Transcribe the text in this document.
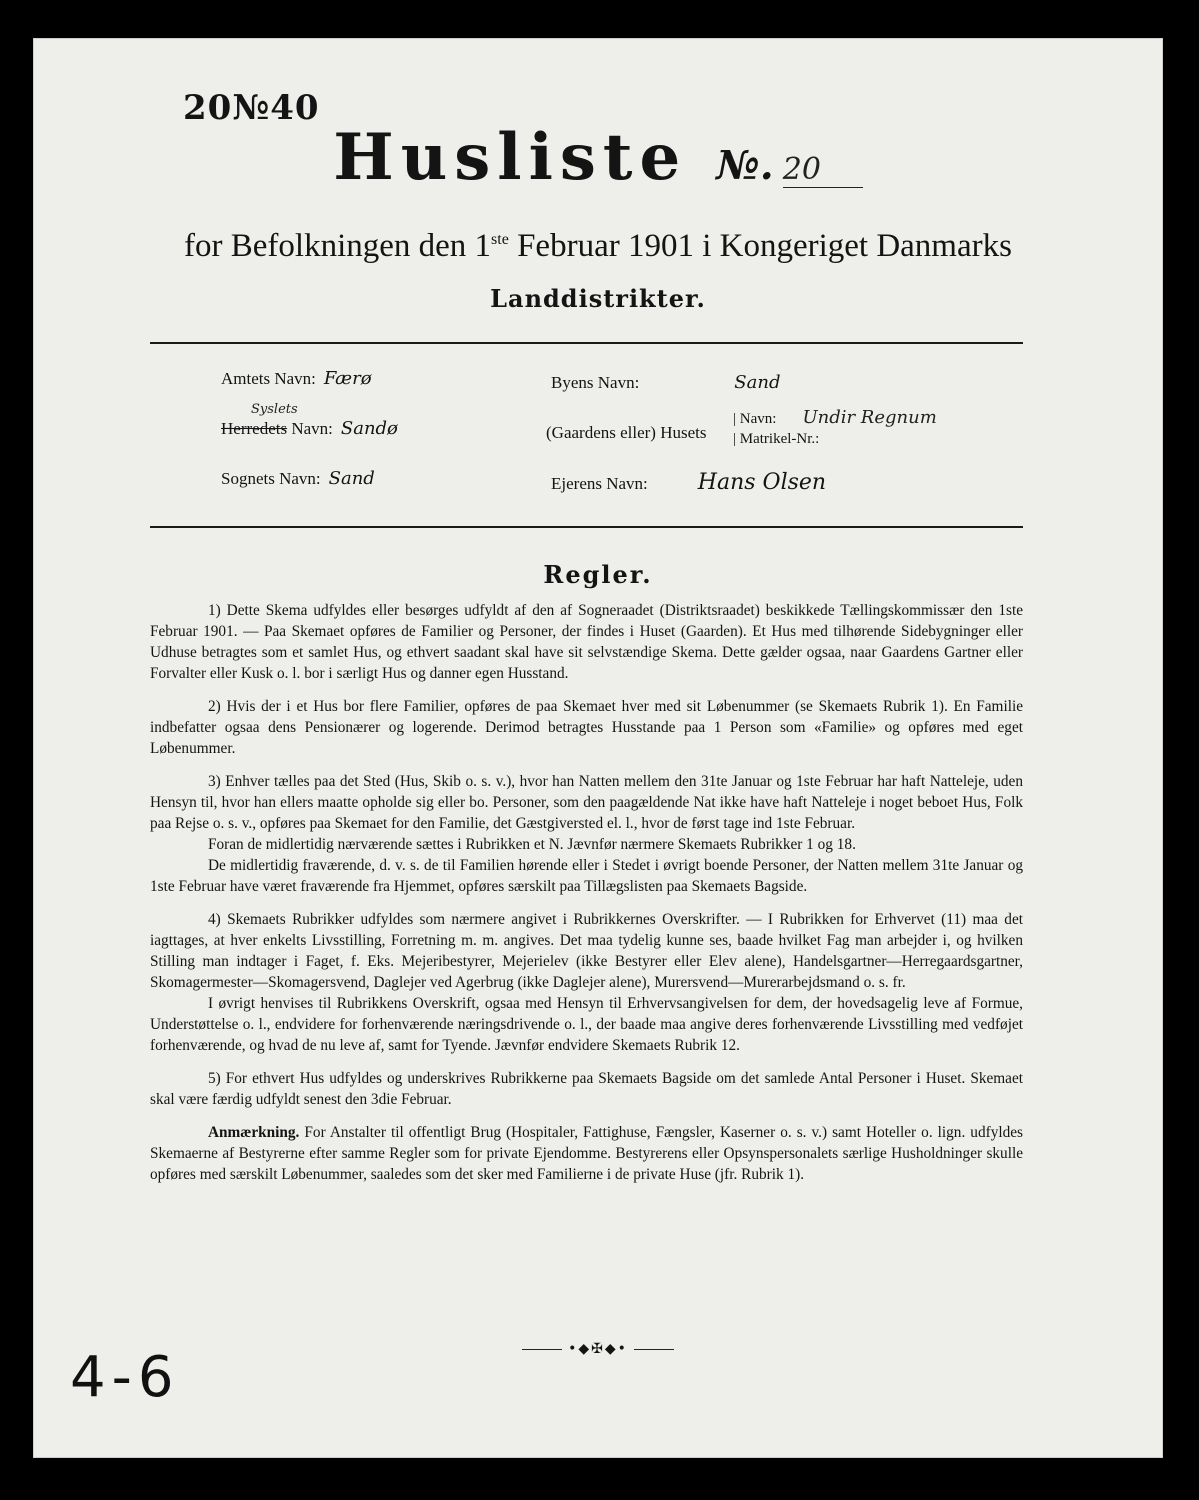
20№40
Husliste №. 20
for Befolkningen den 1ste Februar 1901 i Kongeriget Danmarks
Landdistrikter.
Amtets Navn: Færø
Syslets
Herredets Navn: Sandø
Sognets Navn: Sand
Byens Navn:	Sand
(Gaardens eller) Husets
| Navn: Undir Regnum
| Matrikel-Nr.:
Ejerens Navn: Hans Olsen
Regler.

1) Dette Skema udfyldes eller besørges udfyldt af den af Sogneraadet (Distriktsraadet) beskikkede Tællingskommissær den 1ste Februar 1901. — Paa Skemaet opføres de Familier og Personer, der findes i Huset (Gaarden). Et Hus med tilhørende Sidebygninger eller Udhuse betragtes som et samlet Hus, og ethvert saadant skal have sit selvstændige Skema. Dette gælder ogsaa, naar Gaardens Gartner eller Forvalter eller Kusk o. l. bor i særligt Hus og danner egen Husstand.

2) Hvis der i et Hus bor flere Familier, opføres de paa Skemaet hver med sit Løbenummer (se Skemaets Rubrik 1). En Familie indbefatter ogsaa dens Pensionærer og logerende. Derimod betragtes Husstande paa 1 Person som «Familie» og opføres med eget Løbenummer.

3) Enhver tælles paa det Sted (Hus, Skib o. s. v.), hvor han Natten mellem den 31te Januar og 1ste Februar har haft Natteleje, uden Hensyn til, hvor han ellers maatte opholde sig eller bo. Personer, som den paagældende Nat ikke have haft Natteleje i noget beboet Hus, Folk paa Rejse o. s. v., opføres paa Skemaet for den Familie, det Gæstgiversted el. l., hvor de først tage ind 1ste Februar.

Foran de midlertidig nærværende sættes i Rubrikken et N. Jævnfør nærmere Skemaets Rubrikker 1 og 18.

De midlertidig fraværende, d. v. s. de til Familien hørende eller i Stedet i øvrigt boende Personer, der Natten mellem 31te Januar og 1ste Februar have været fraværende fra Hjemmet, opføres særskilt paa Tillægslisten paa Skemaets Bagside.

4) Skemaets Rubrikker udfyldes som nærmere angivet i Rubrikkernes Overskrifter. — I Rubrikken for Erhvervet (11) maa det iagttages, at hver enkelts Livsstilling, Forretning m. m. angives. Det maa tydelig kunne ses, baade hvilket Fag man arbejder i, og hvilken Stilling man indtager i Faget, f. Eks. Mejeribestyrer, Mejerielev (ikke Bestyrer eller Elev alene), Handelsgartner—Herregaardsgartner, Skomagermester—Skomagersvend, Daglejer ved Agerbrug (ikke Daglejer alene), Murersvend—Murerarbejdsmand o. s. fr.

I øvrigt henvises til Rubrikkens Overskrift, ogsaa med Hensyn til Erhvervsangivelsen for dem, der hovedsagelig leve af Formue, Understøttelse o. l., endvidere for forhenværende næringsdrivende o. l., der baade maa angive deres forhenværende Livsstilling med vedføjet forhenværende, og hvad de nu leve af, samt for Tyende. Jævnfør endvidere Skemaets Rubrik 12.

5) For ethvert Hus udfyldes og underskrives Rubrikkerne paa Skemaets Bagside om det samlede Antal Personer i Huset. Skemaet skal være færdig udfyldt senest den 3die Februar.

Anmærkning. For Anstalter til offentligt Brug (Hospitaler, Fattighuse, Fængsler, Kaserner o. s. v.) samt Hoteller o. lign. udfyldes Skemaerne af Bestyrerne efter samme Regler som for private Ejendomme. Bestyrerens eller Opsynspersonalets særlige Husholdninger skulle opføres med særskilt Løbenummer, saaledes som det sker med Familierne i de private Huse (jfr. Rubrik 1).

•◆✠◆•
4-6
